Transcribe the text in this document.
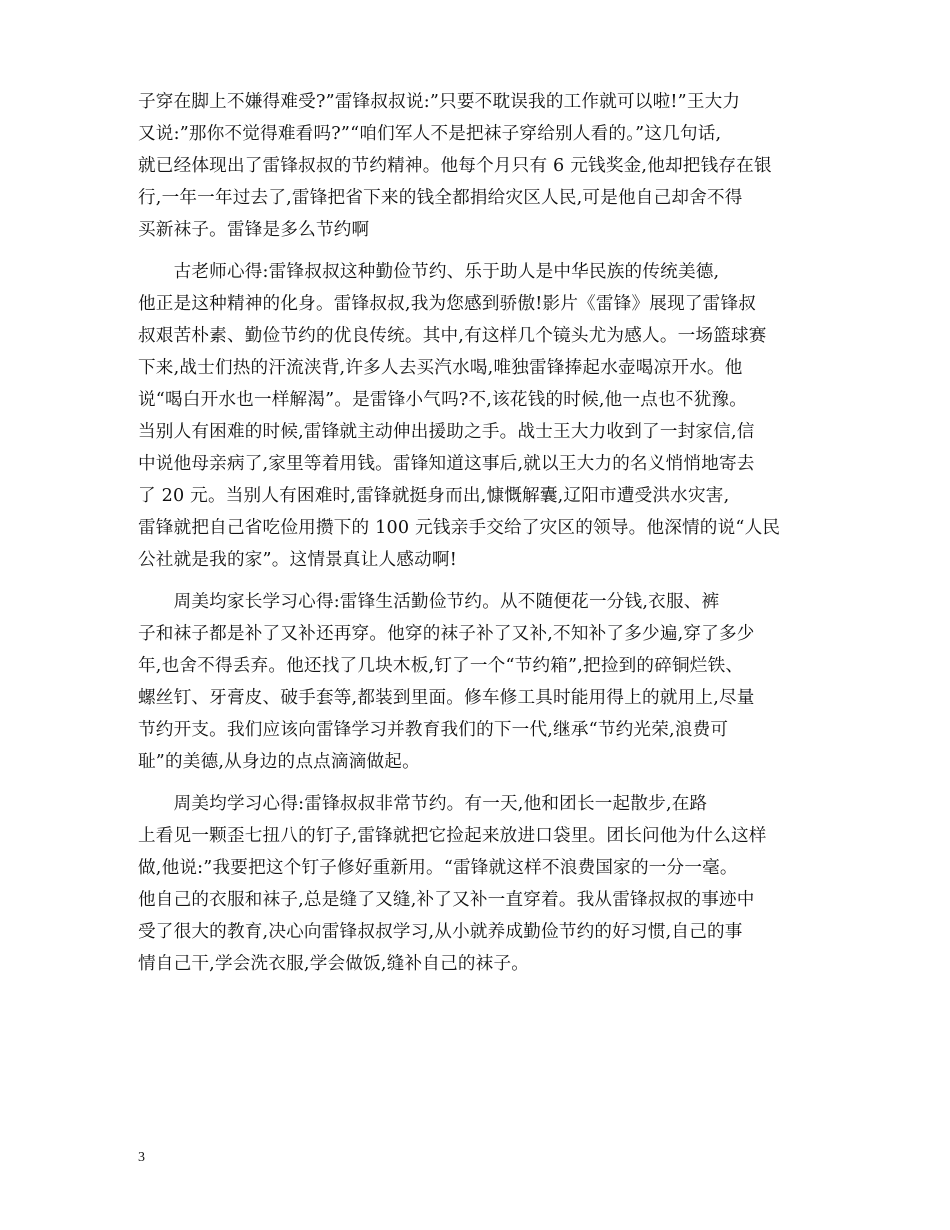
子穿在脚上不嫌得难受?”雷锋叔叔说:”只要不耽误我的工作就可以啦!”王大力
又说:”那你不觉得难看吗?”“咱们军人不是把袜子穿给别人看的。”这几句话,
就已经体现出了雷锋叔叔的节约精神。他每个月只有 6 元钱奖金,他却把钱存在银
行,一年一年过去了,雷锋把省下来的钱全都捐给灾区人民,可是他自己却舍不得
买新袜子。雷锋是多么节约啊
　　古老师心得:雷锋叔叔这种勤俭节约、乐于助人是中华民族的传统美德,
他正是这种精神的化身。雷锋叔叔,我为您感到骄傲!影片《雷锋》展现了雷锋叔
叔艰苦朴素、勤俭节约的优良传统。其中,有这样几个镜头尤为感人。一场篮球赛
下来,战士们热的汗流浃背,许多人去买汽水喝,唯独雷锋捧起水壶喝凉开水。他
说“喝白开水也一样解渴”。是雷锋小气吗?不,该花钱的时候,他一点也不犹豫。
当别人有困难的时候,雷锋就主动伸出援助之手。战士王大力收到了一封家信,信
中说他母亲病了,家里等着用钱。雷锋知道这事后,就以王大力的名义悄悄地寄去
了 20 元。当别人有困难时,雷锋就挺身而出,慷慨解囊,辽阳市遭受洪水灾害,
雷锋就把自己省吃俭用攒下的 100 元钱亲手交给了灾区的领导。他深情的说“人民
公社就是我的家”。这情景真让人感动啊!
　　周美均家长学习心得:雷锋生活勤俭节约。从不随便花一分钱,衣服、裤
子和袜子都是补了又补还再穿。他穿的袜子补了又补,不知补了多少遍,穿了多少
年,也舍不得丢弃。他还找了几块木板,钉了一个“节约箱”,把捡到的碎铜烂铁、
螺丝钉、牙膏皮、破手套等,都装到里面。修车修工具时能用得上的就用上,尽量
节约开支。我们应该向雷锋学习并教育我们的下一代,继承“节约光荣,浪费可
耻”的美德,从身边的点点滴滴做起。
　　周美均学习心得:雷锋叔叔非常节约。有一天,他和团长一起散步,在路
上看见一颗歪七扭八的钉子,雷锋就把它捡起来放进口袋里。团长问他为什么这样
做,他说:”我要把这个钉子修好重新用。“雷锋就这样不浪费国家的一分一毫。
他自己的衣服和袜子,总是缝了又缝,补了又补一直穿着。我从雷锋叔叔的事迹中
受了很大的教育,决心向雷锋叔叔学习,从小就养成勤俭节约的好习惯,自己的事
情自己干,学会洗衣服,学会做饭,缝补自己的袜子。
3
